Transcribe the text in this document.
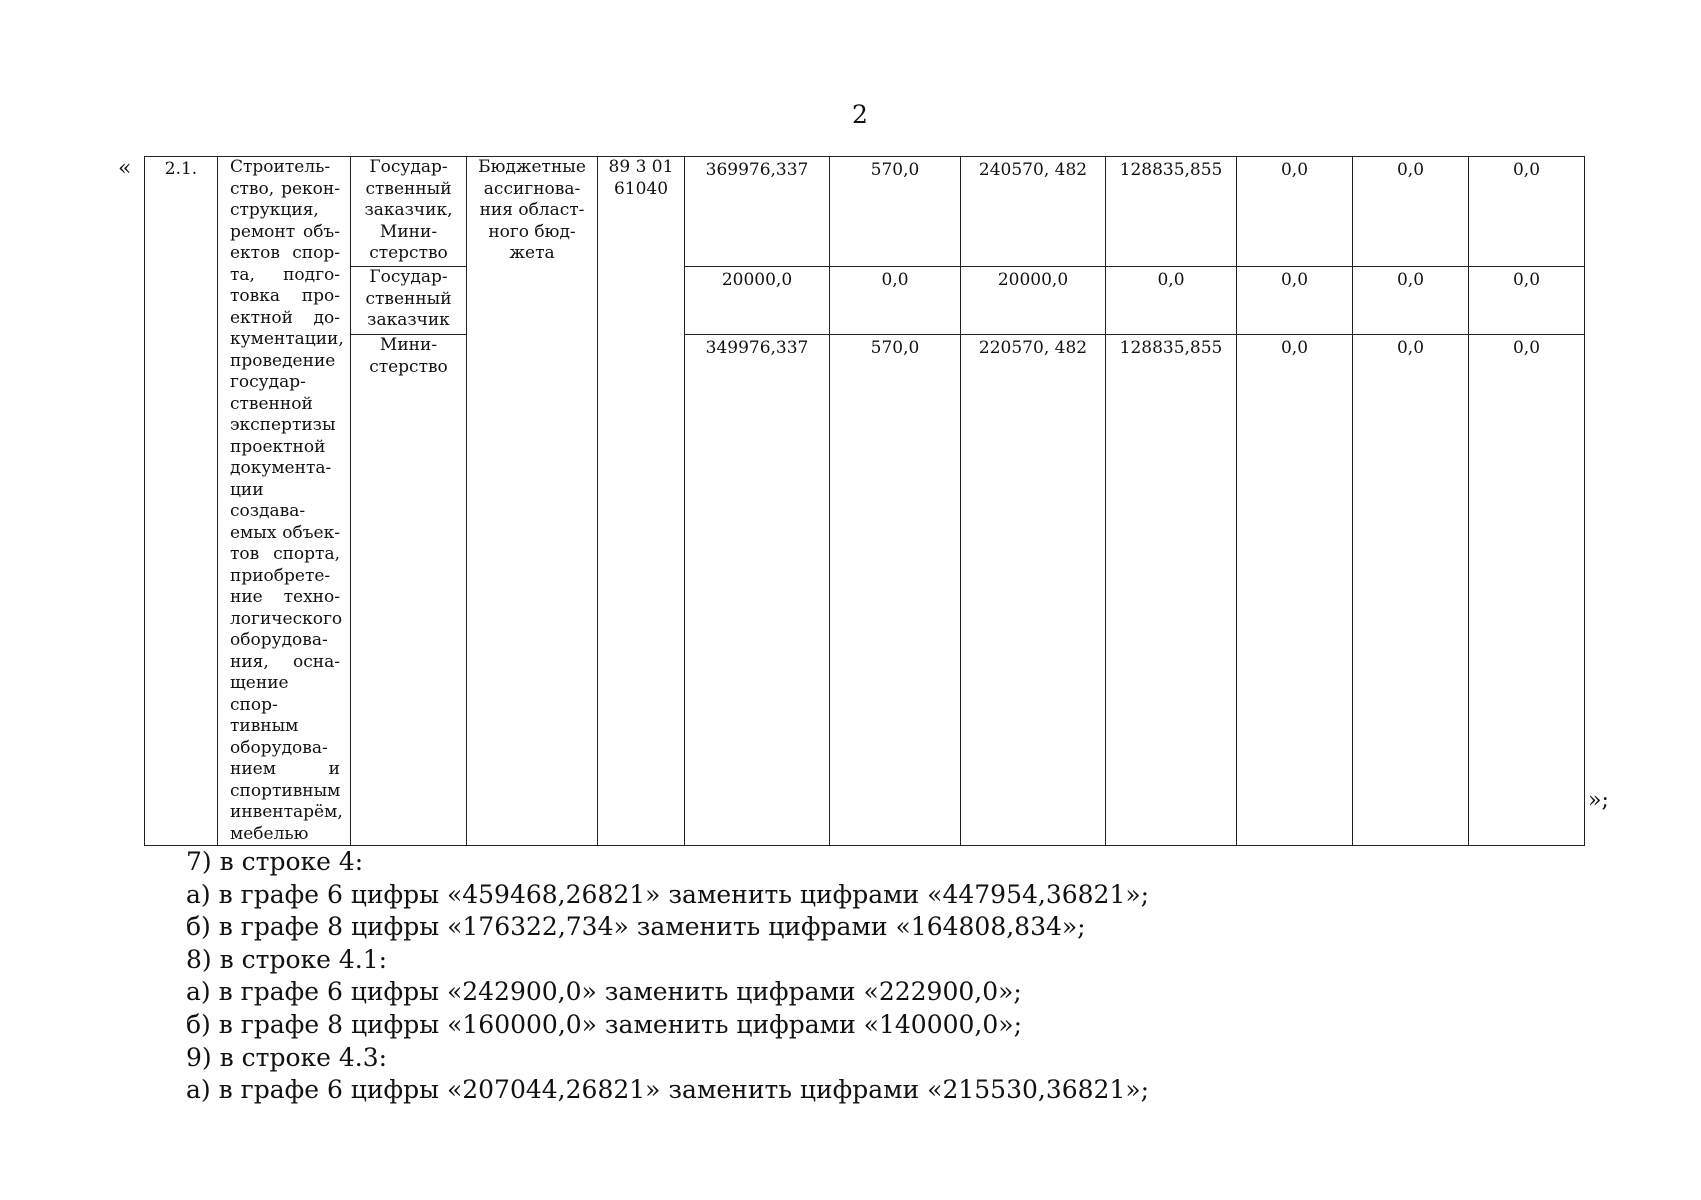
2
« 2.1.	Строитель-ство, рекон-струкция, ремонт объ-ектов спор-та, подго-товка про-ектной до-кументации, проведение государ-ственной экспертизы проектной документа-ции создава-емых объек-тов спорта, приобрете-ние техно-логического оборудова-ния, осна-щение спор-тивным оборудова-нием и спортивным инвентарём, мебелью	Государ-ственный заказчик, Мини-стерство	Бюджетные ассигнова-ния област-ного бюд-жета	89 3 01 61040	369976,337	570,0	240570, 482	128835,855	0,0	0,0	0,0
		Государ-ственный заказчик			20000,0	0,0	20000,0	0,0	0,0	0,0	0,0
		Мини-стерство			349976,337	570,0	220570, 482	128835,855	0,0	0,0	0,0
»;
7) в строке 4:
а) в графе 6 цифры «459468,26821» заменить цифрами «447954,36821»;
б) в графе 8 цифры «176322,734» заменить цифрами «164808,834»;
8) в строке 4.1:
а) в графе 6 цифры «242900,0» заменить цифрами «222900,0»;
б) в графе 8 цифры «160000,0» заменить цифрами «140000,0»;
9) в строке 4.3:
а) в графе 6 цифры «207044,26821» заменить цифрами «215530,36821»;
